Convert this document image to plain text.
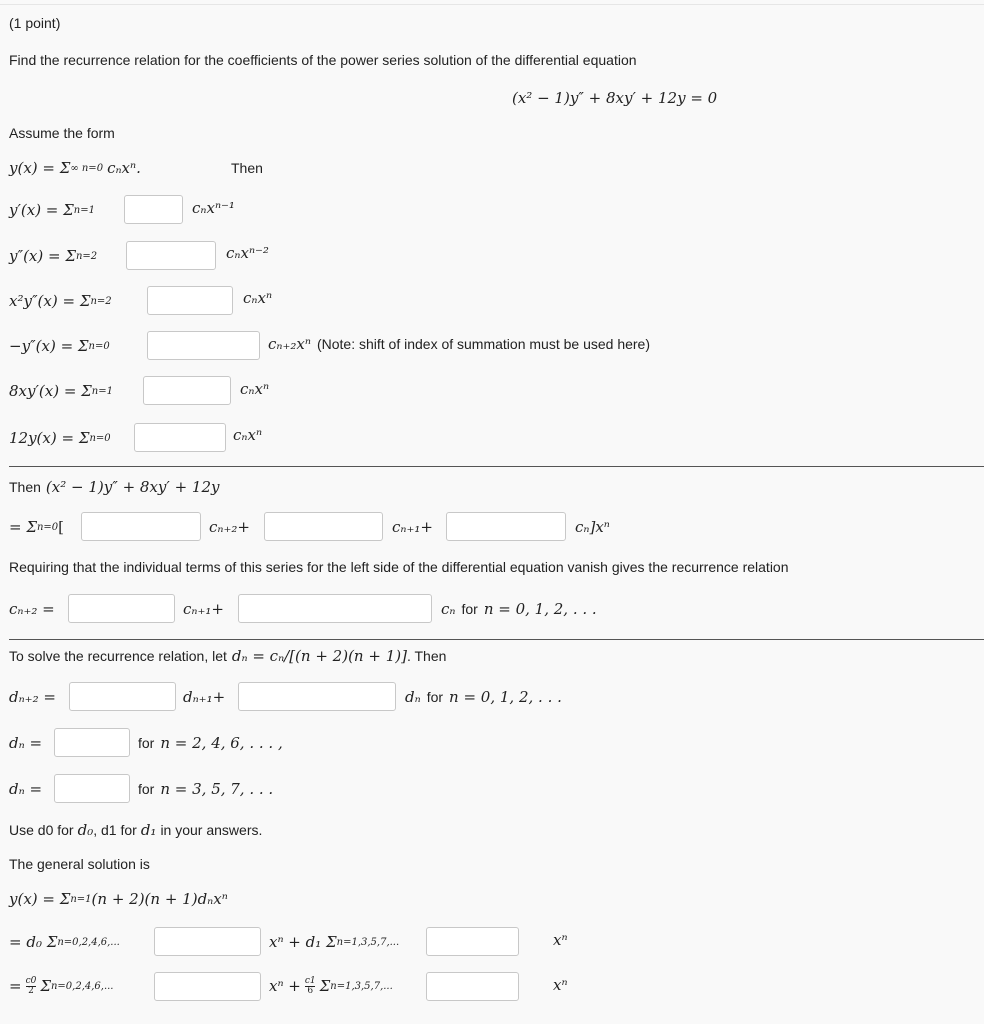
(1 point)
Find the recurrence relation for the coefficients of the power series solution of the differential equation
(x² − 1)y″ + 8xy′ + 12y = 0
Assume the form
y(x) = Σ ∞ n=0 cₙxⁿ.	Then
y′(x) = Σ n=1	cₙxⁿ⁻¹
y″(x) = Σ n=2	cₙxⁿ⁻²
x²y″(x) = Σ n=2	cₙxⁿ
−y″(x) = Σ n=0	cₙ₊₂xⁿ (Note: shift of index of summation must be used here)
8xy′(x) = Σ n=1	cₙxⁿ
12y(x) = Σ n=0	cₙxⁿ
Then (x² − 1)y″ + 8xy′ + 12y
= Σ n=0 [	cₙ₊₂+	cₙ₊₁+	cₙ]xⁿ
Requiring that the individual terms of this series for the left side of the differential equation vanish gives the recurrence relation
cₙ₊₂ =	cₙ₊₁+	cₙ for n = 0, 1, 2, . . .
To solve the recurrence relation, let dₙ = cₙ/[(n + 2)(n + 1)] . Then
dₙ₊₂ =	dₙ₊₁+	dₙ for n = 0, 1, 2, . . .
dₙ =	for n = 2, 4, 6, . . . ,
dₙ =	for n = 3, 5, 7, . . .
Use d0 for d₀ , d1 for d₁ in your answers.
The general solution is
y(x) = Σ n=1 (n + 2)(n + 1)dₙxⁿ
= d₀ Σ n=0,2,4,6,...	xⁿ + d₁ Σ n=1,3,5,7,...	xⁿ
= c0
2 Σ n=0,2,4,6,...	xⁿ + c1
6 Σ n=1,3,5,7,...	xⁿ
